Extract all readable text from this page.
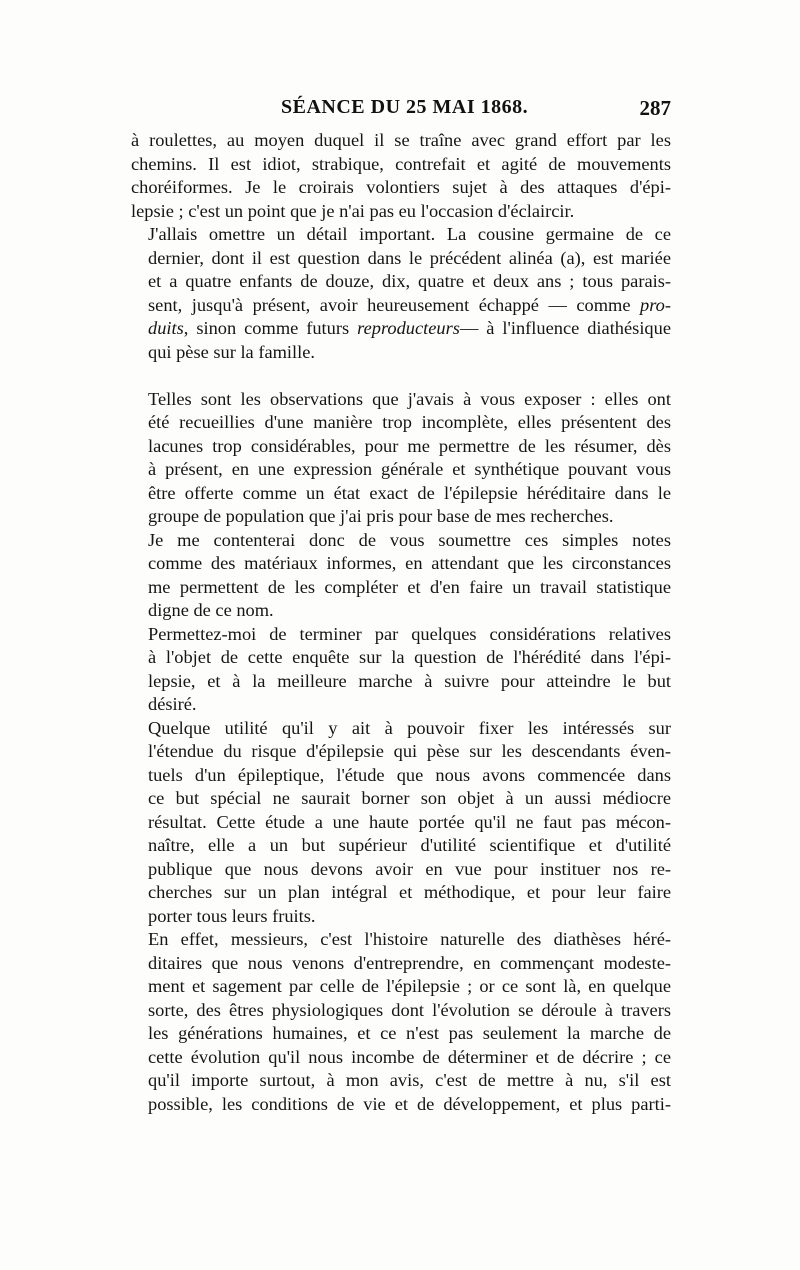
SÉANCE DU 25 MAI 1868.	287

à roulettes, au moyen duquel il se traîne avec grand effort par les
chemins. Il est idiot, strabique, contrefait et agité de mouvements
choréiformes. Je le croirais volontiers sujet à des attaques d'épi-
lepsie ; c'est un point que je n'ai pas eu l'occasion d'éclaircir.

J'allais omettre un détail important. La cousine germaine de ce
dernier, dont il est question dans le précédent alinéa (a), est mariée
et a quatre enfants de douze, dix, quatre et deux ans ; tous parais-
sent, jusqu'à présent, avoir heureusement échappé — comme pro-
duits, sinon comme futurs reproducteurs— à l'influence diathésique
qui pèse sur la famille.

Telles sont les observations que j'avais à vous exposer : elles ont
été recueillies d'une manière trop incomplète, elles présentent des
lacunes trop considérables, pour me permettre de les résumer, dès
à présent, en une expression générale et synthétique pouvant vous
être offerte comme un état exact de l'épilepsie héréditaire dans le
groupe de population que j'ai pris pour base de mes recherches.

Je me contenterai donc de vous soumettre ces simples notes
comme des matériaux informes, en attendant que les circonstances
me permettent de les compléter et d'en faire un travail statistique
digne de ce nom.

Permettez-moi de terminer par quelques considérations relatives
à l'objet de cette enquête sur la question de l'hérédité dans l'épi-
lepsie, et à la meilleure marche à suivre pour atteindre le but
désiré.

Quelque utilité qu'il y ait à pouvoir fixer les intéressés sur
l'étendue du risque d'épilepsie qui pèse sur les descendants éven-
tuels d'un épileptique, l'étude que nous avons commencée dans
ce but spécial ne saurait borner son objet à un aussi médiocre
résultat. Cette étude a une haute portée qu'il ne faut pas mécon-
naître, elle a un but supérieur d'utilité scientifique et d'utilité
publique que nous devons avoir en vue pour instituer nos re-
cherches sur un plan intégral et méthodique, et pour leur faire
porter tous leurs fruits.

En effet, messieurs, c'est l'histoire naturelle des diathèses héré-
ditaires que nous venons d'entreprendre, en commençant modeste-
ment et sagement par celle de l'épilepsie ; or ce sont là, en quelque
sorte, des êtres physiologiques dont l'évolution se déroule à travers
les générations humaines, et ce n'est pas seulement la marche de
cette évolution qu'il nous incombe de déterminer et de décrire ; ce
qu'il importe surtout, à mon avis, c'est de mettre à nu, s'il est
possible, les conditions de vie et de développement, et plus parti-
